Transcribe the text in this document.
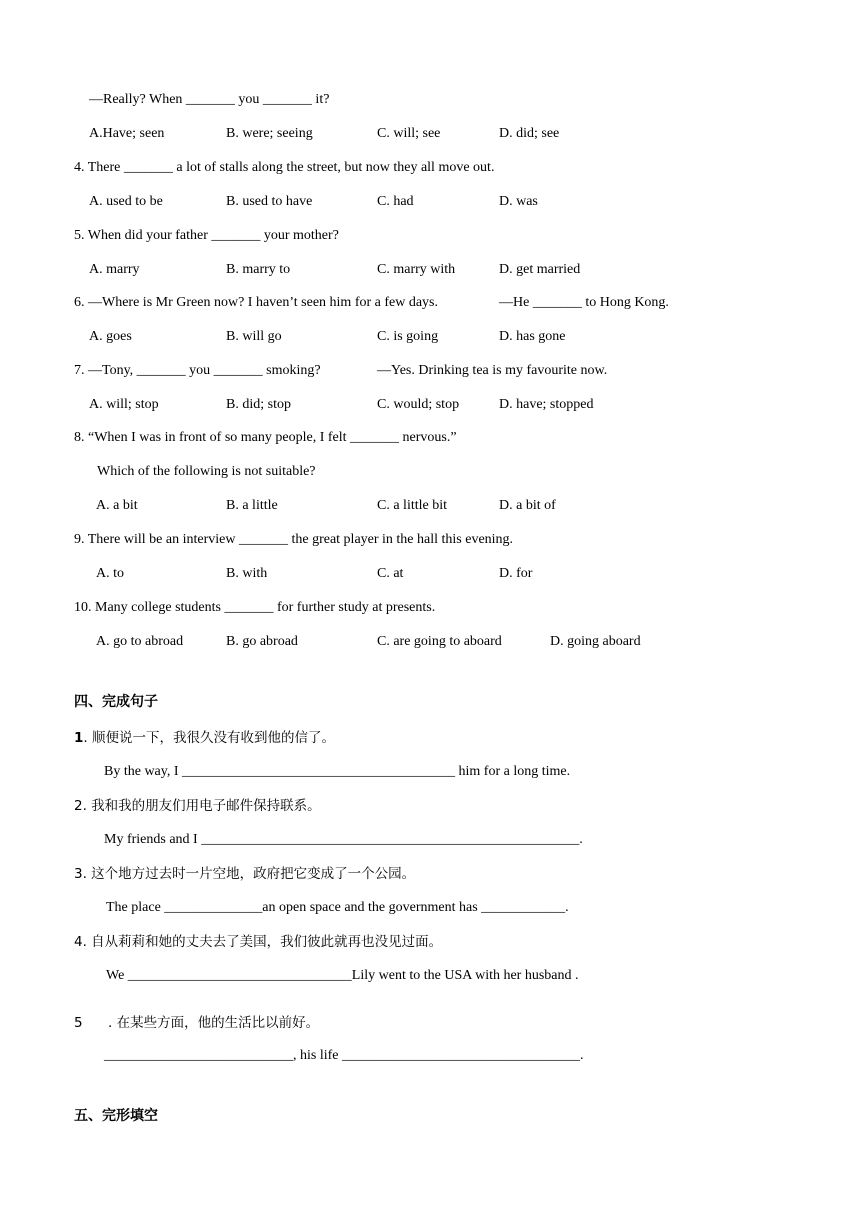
—Really? When _______ you _______ it?
A.Have; seen	B. were; seeing	C. will; see	D. did; see
4. There _______ a lot of stalls along the street, but now they all move out.
A. used to be	B. used to have	C. had	D. was
5. When did your father _______ your mother?
A. marry	B. marry to	C. marry with	D. get married
6. —Where is Mr Green now? I haven’t seen him for a few days.	—He _______ to Hong Kong.
A. goes	B. will go	C. is going	D. has gone
7. —Tony, _______ you _______ smoking?	—Yes. Drinking tea is my favourite now.
A. will; stop	B. did; stop	C. would; stop	D. have; stopped
8. “When I was in front of so many people, I felt _______ nervous.”
Which of the following is not suitable?
A. a bit	B. a little	C. a little bit	D. a bit of
9. There will be an interview _______ the great player in the hall this evening.
A. to	B. with	C. at	D. for
10. Many college students _______ for further study at presents.
A. go to abroad	B. go abroad	C. are going to aboard	D. going aboard
四、完成句子
1. 顺便说一下，我很久没有收到他的信了。
By the way, I _______________________________________ him for a long time.
2. 我和我的朋友们用电子邮件保持联系。
My friends and I ______________________________________________________.
3. 这个地方过去时一片空地，政府把它变成了一个公园。
The place ______________an open space and the government has ____________.
4. 自从莉莉和她的丈夫去了美国，我们彼此就再也没见过面。
We ________________________________Lily went to the USA with her husband .
5 . 在某些方面，他的生活比以前好。
___________________________, his life __________________________________.
五、完形填空
